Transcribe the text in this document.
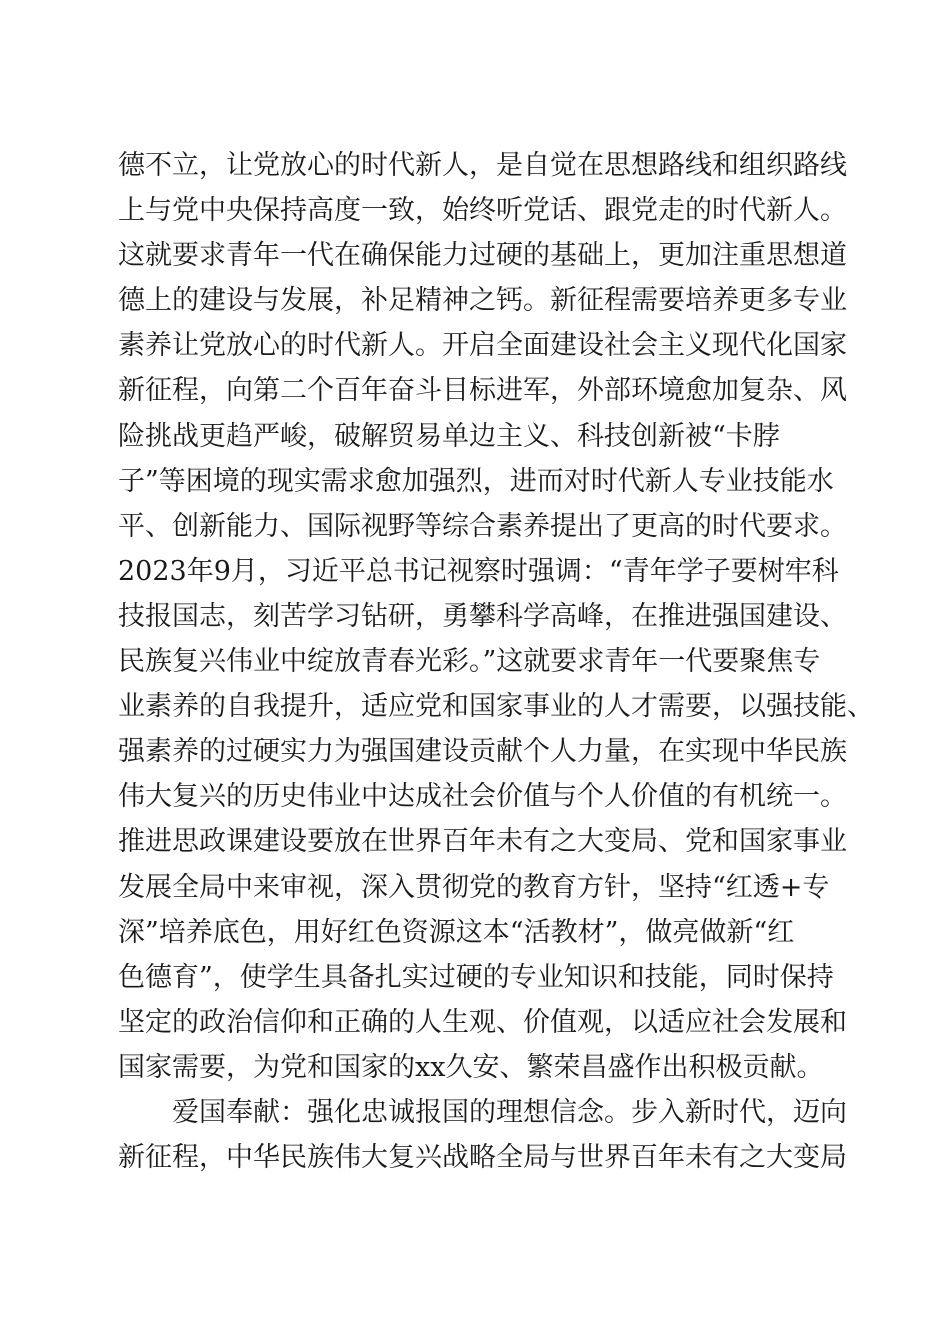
德不立，让党放心的时代新人，是自觉在思想路线和组织路线
上与党中央保持高度一致，始终听党话、跟党走的时代新人。
这就要求青年一代在确保能力过硬的基础上，更加注重思想道
德上的建设与发展，补足精神之钙。新征程需要培养更多专业
素养让党放心的时代新人。开启全面建设社会主义现代化国家
新征程，向第二个百年奋斗目标进军，外部环境愈加复杂、风
险挑战更趋严峻，破解贸易单边主义、科技创新被“卡脖
子”等困境的现实需求愈加强烈，进而对时代新人专业技能水
平、创新能力、国际视野等综合素养提出了更高的时代要求。
2023年9月，习近平总书记视察时强调：“青年学子要树牢科
技报国志，刻苦学习钻研，勇攀科学高峰，在推进强国建设、
民族复兴伟业中绽放青春光彩。”这就要求青年一代要聚焦专
业素养的自我提升，适应党和国家事业的人才需要，以强技能、
强素养的过硬实力为强国建设贡献个人力量，在实现中华民族
伟大复兴的历史伟业中达成社会价值与个人价值的有机统一。
推进思政课建设要放在世界百年未有之大变局、党和国家事业
发展全局中来审视，深入贯彻党的教育方针，坚持“红透+专
深”培养底色，用好红色资源这本“活教材”，做亮做新“红
色德育”，使学生具备扎实过硬的专业知识和技能，同时保持
坚定的政治信仰和正确的人生观、价值观，以适应社会发展和
国家需要，为党和国家的xx久安、繁荣昌盛作出积极贡献。
爱国奉献：强化忠诚报国的理想信念。步入新时代，迈向
新征程，中华民族伟大复兴战略全局与世界百年未有之大变局
